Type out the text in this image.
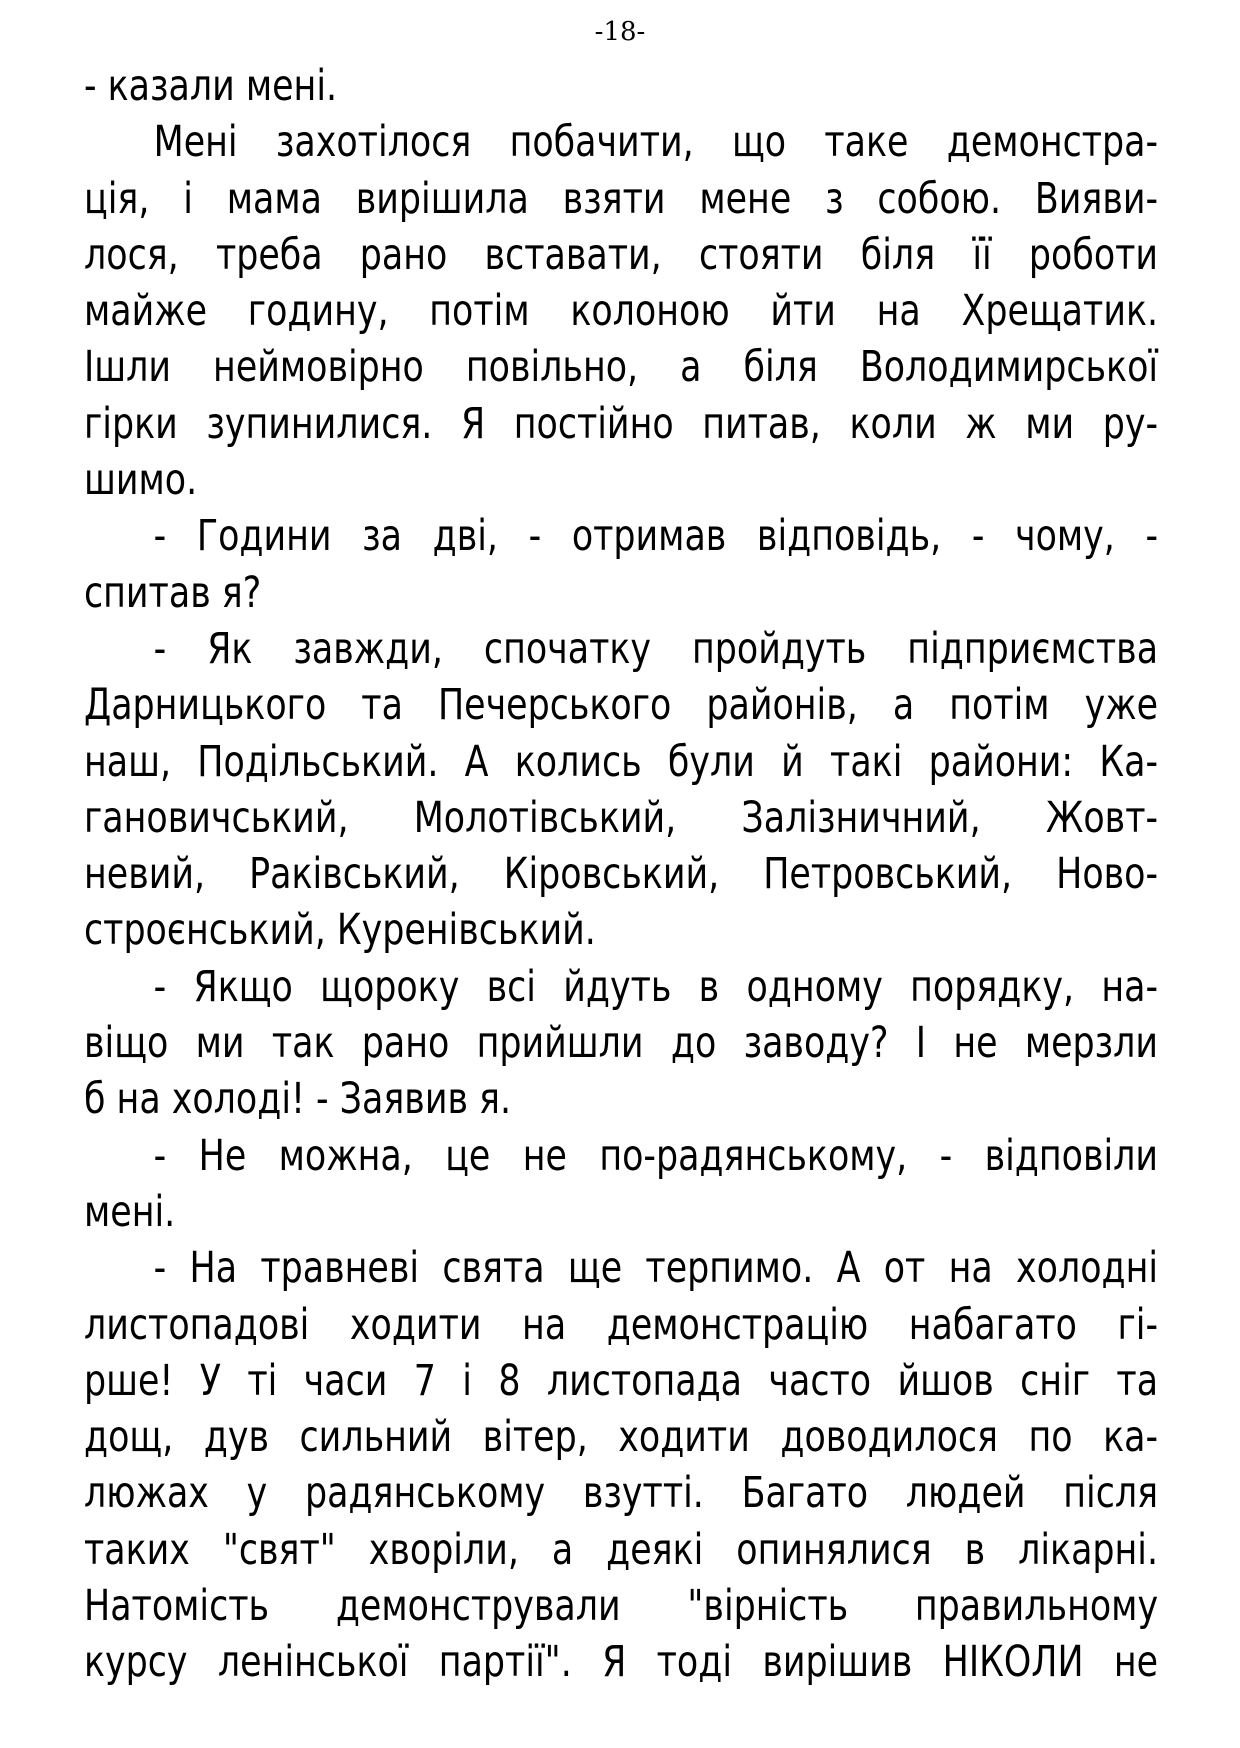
-18-
- казали мені.
Мені захотілося побачити, що таке демонстра-
ція, і мама вирішила взяти мене з собою. Вияви-
лося, треба рано вставати, стояти біля її роботи
майже годину, потім колоною йти на Хрещатик.
Ішли неймовірно повільно, а біля Володимирської
гірки зупинилися. Я постійно питав, коли ж ми ру-
шимо.
- Години за дві, - отримав відповідь, - чому, -
спитав я?
- Як завжди, спочатку пройдуть підприємства
Дарницького та Печерського районів, а потім уже
наш, Подільський. А колись були й такі райони: Ка-
гановичський, Молотівський, Залізничний, Жовт-
невий, Раківський, Кіровський, Петровський, Ново-
строєнський, Куренівський.
- Якщо щороку всі йдуть в одному порядку, на-
віщо ми так рано прийшли до заводу? І не мерзли
б на холоді! - Заявив я.
- Не можна, це не по-радянському, - відповіли
мені.
- На травневі свята ще терпимо. А от на холодні
листопадові ходити на демонстрацію набагато гі-
рше! У ті часи 7 і 8 листопада часто йшов сніг та
дощ, дув сильний вітер, ходити доводилося по ка-
люжах у радянському взутті. Багато людей після
таких "свят" хворіли, а деякі опинялися в лікарні.
Натомість демонстрували "вірність правильному
курсу ленінської партії". Я тоді вирішив НІКОЛИ не
